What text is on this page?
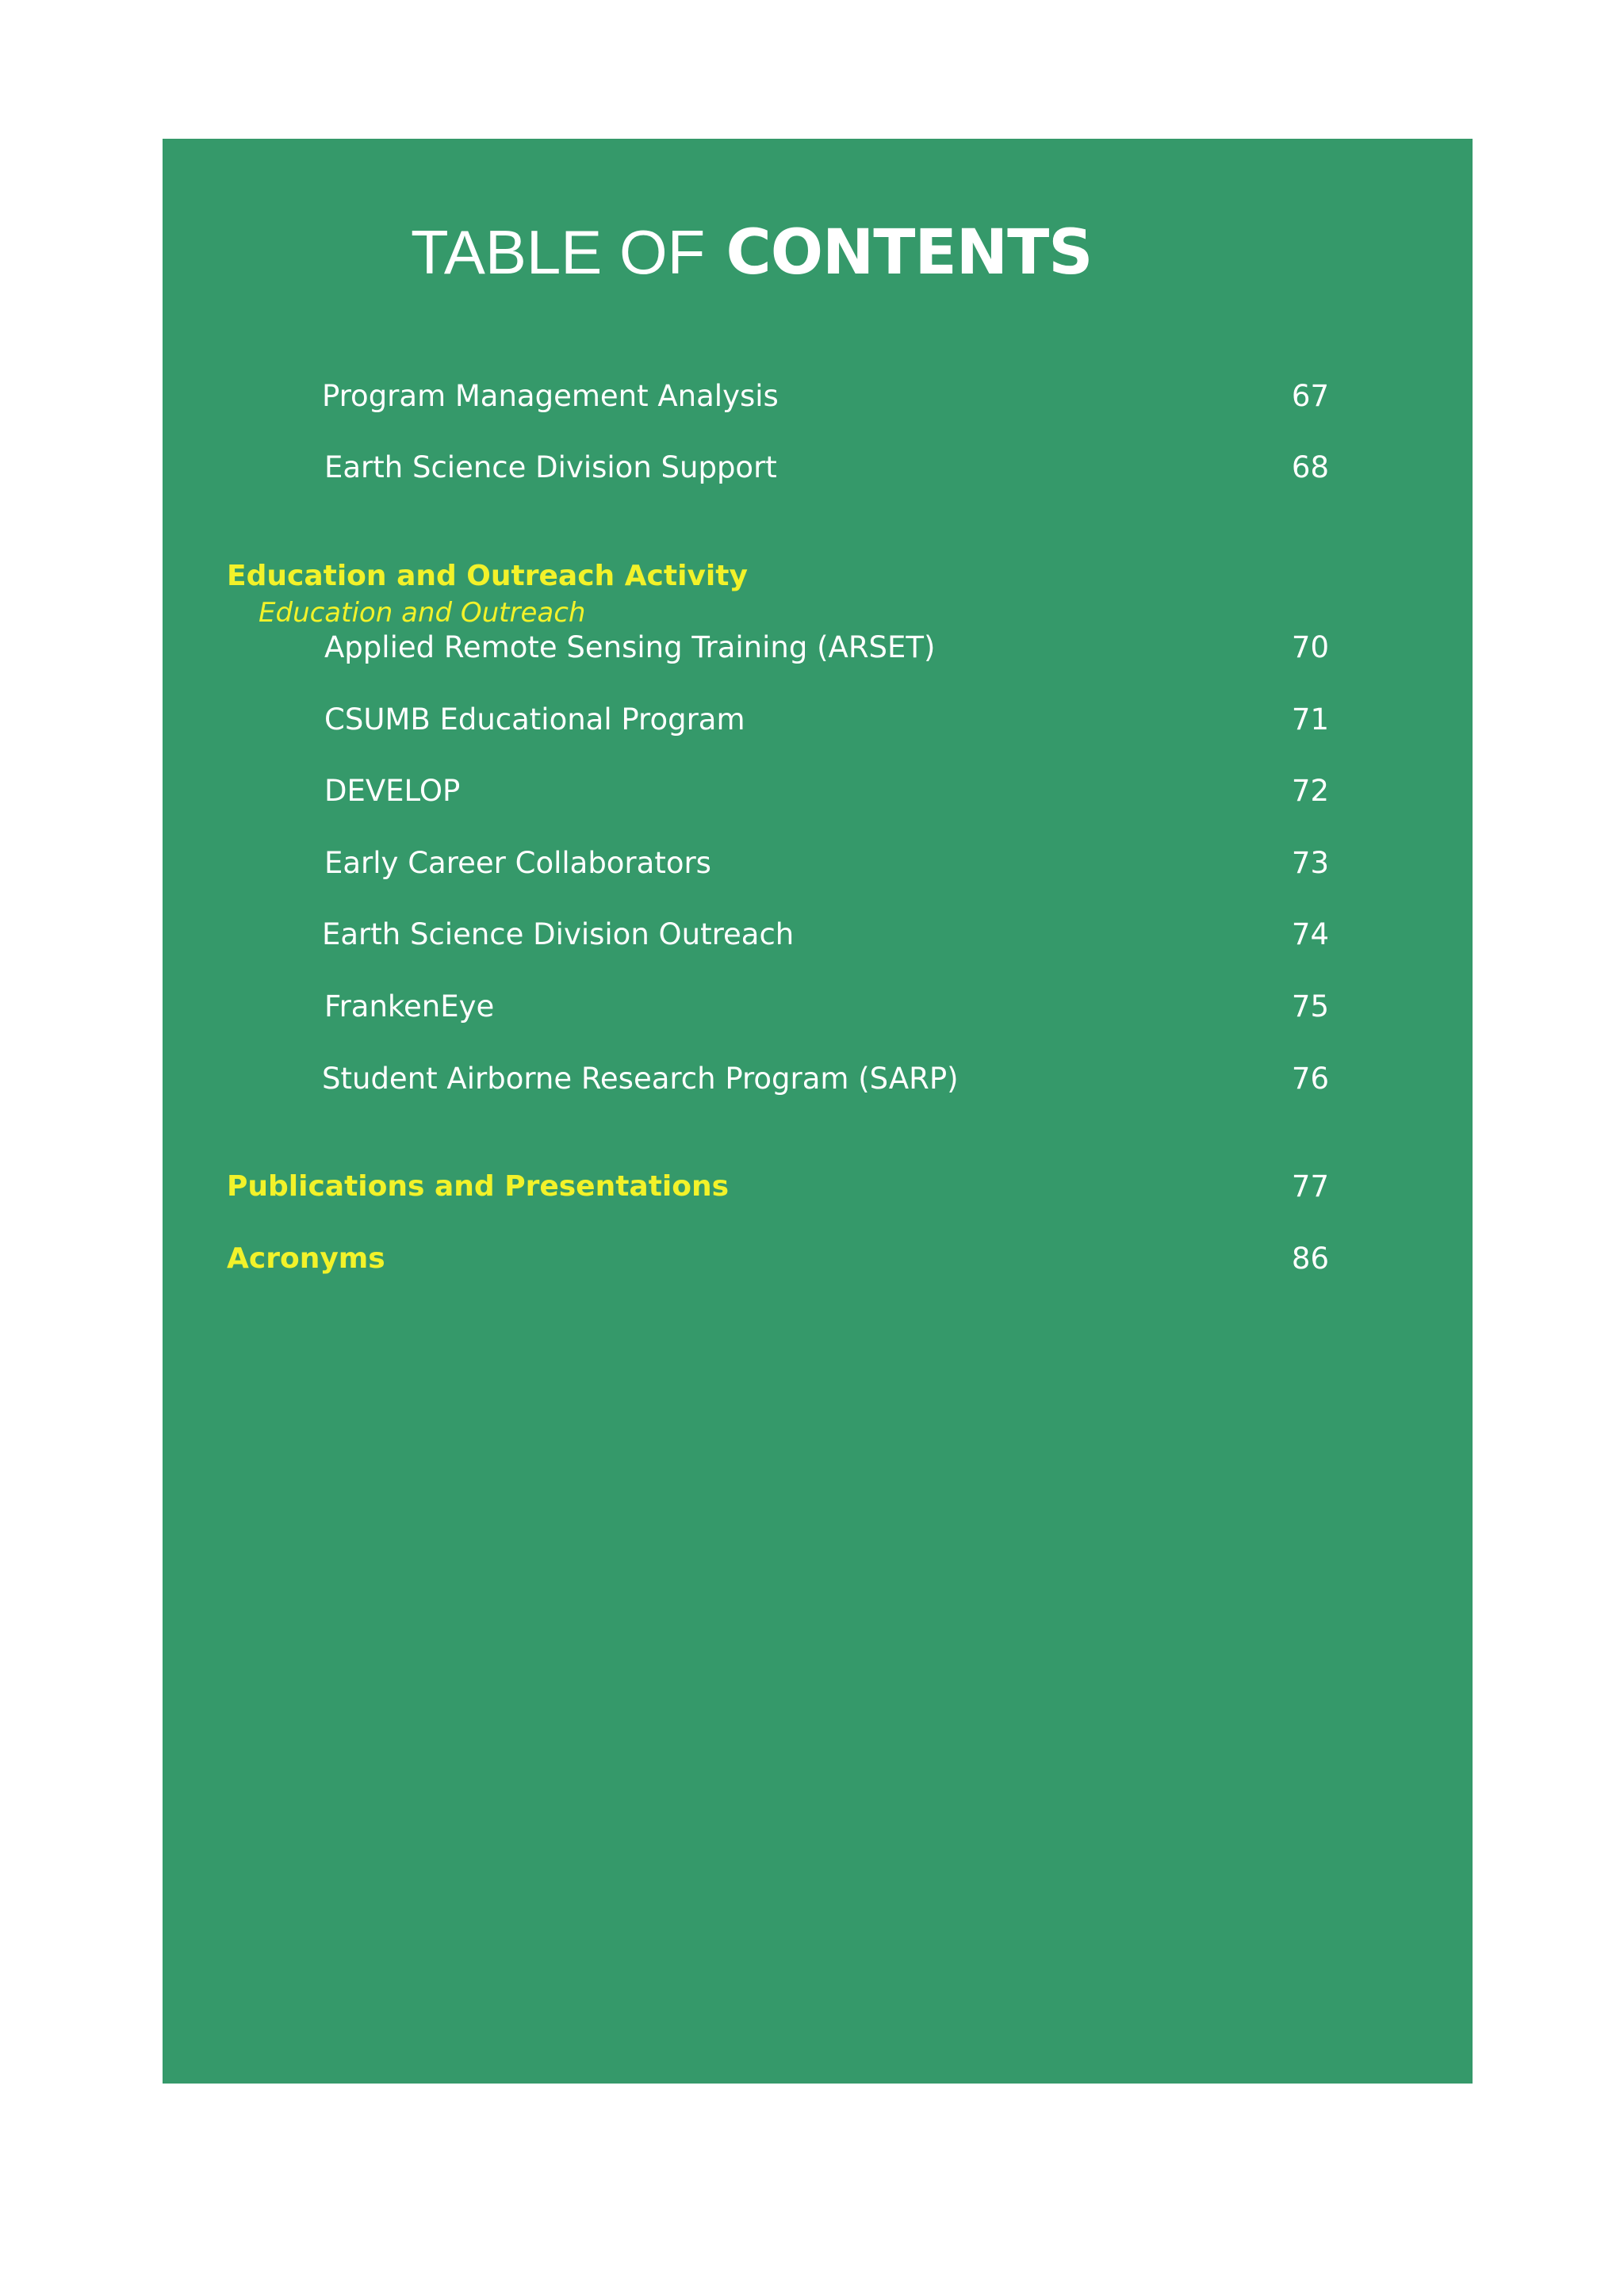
TABLE OF CONTENTS
Program Management Analysis	67
Earth Science Division Support	68
Education and Outreach Activity
Education and Outreach
Applied Remote Sensing Training (ARSET)	70
CSUMB Educational Program	71
DEVELOP	72
Early Career Collaborators	73
Earth Science Division Outreach	74
FrankenEye	75
Student Airborne Research Program (SARP)	76
Publications and Presentations	77
Acronyms	86
